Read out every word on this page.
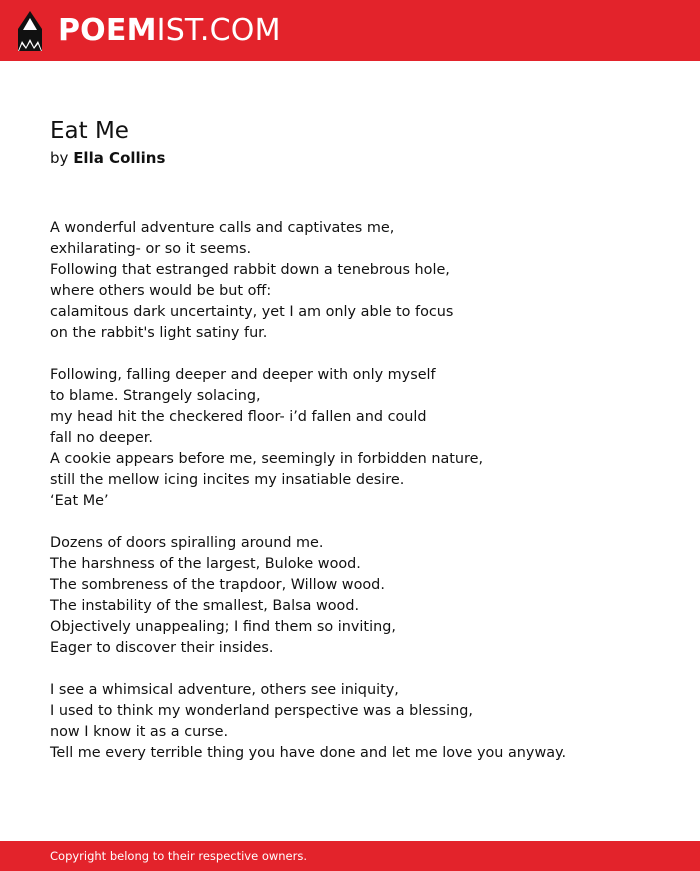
POEMIST.COM
Eat Me
by Ella Collins
A wonderful adventure calls and captivates me,
exhilarating- or so it seems.
Following that estranged rabbit down a tenebrous hole,
where others would be but off:
calamitous dark uncertainty, yet I am only able to focus
on the rabbit's light satiny fur.
Following, falling deeper and deeper with only myself
to blame. Strangely solacing,
my head hit the checkered floor- i’d fallen and could
fall no deeper.
A cookie appears before me, seemingly in forbidden nature,
still the mellow icing incites my insatiable desire.
‘Eat Me’
Dozens of doors spiralling around me.
The harshness of the largest, Buloke wood.
The sombreness of the trapdoor, Willow wood.
The instability of the smallest, Balsa wood.
Objectively unappealing; I find them so inviting,
Eager to discover their insides.
I see a whimsical adventure, others see iniquity,
I used to think my wonderland perspective was a blessing,
now I know it as a curse.
Tell me every terrible thing you have done and let me love you anyway.
Copyright belong to their respective owners.
